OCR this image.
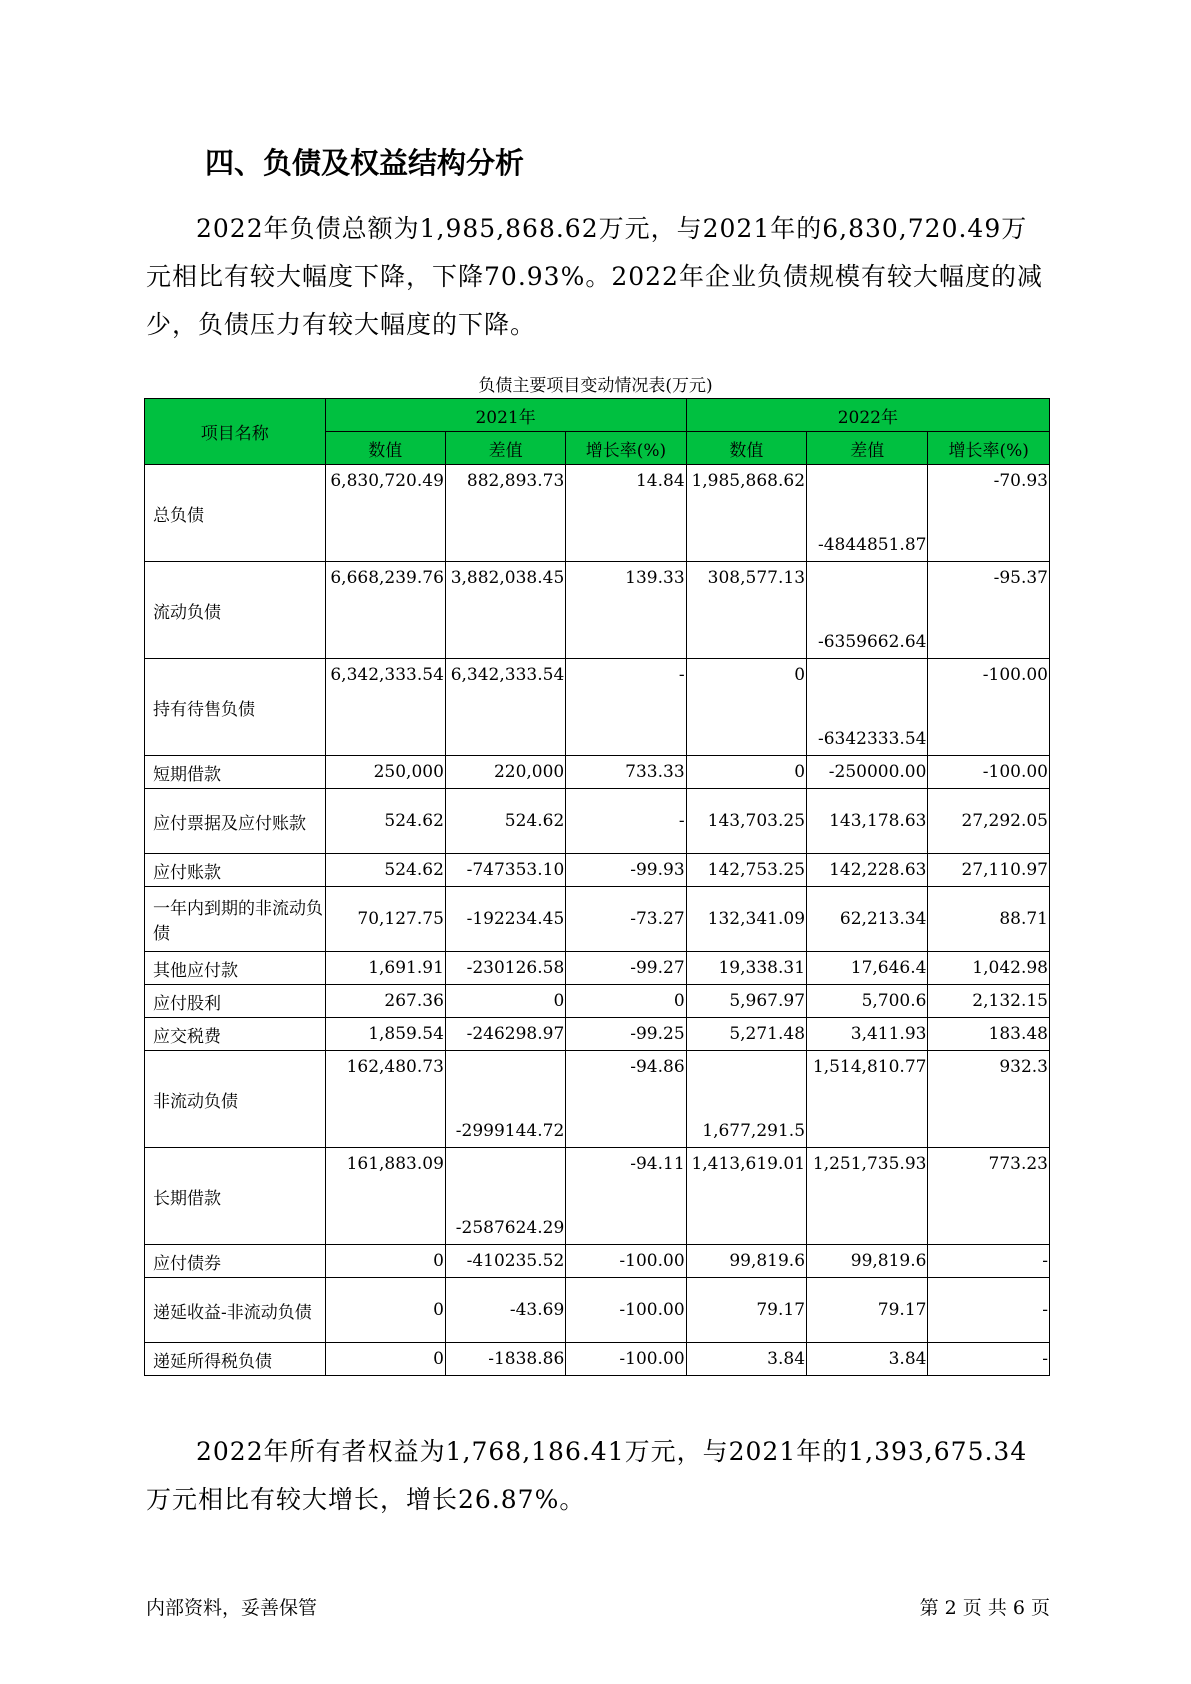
四、负债及权益结构分析

2022年负债总额为1,985,868.62万元，与2021年的6,830,720.49万元相比有较大幅度下降，下降70.93%。2022年企业负债规模有较大幅度的减少，负债压力有较大幅度的下降。

负债主要项目变动情况表(万元)

项目名称	2021年			2022年		
	数值	差值	增长率(%)	数值	差值	增长率(%)
总负债	6,830,720.49	882,893.73	14.84	1,985,868.62	-4844851.87	-70.93
流动负债	6,668,239.76	3,882,038.45	139.33	308,577.13	-6359662.64	-95.37
持有待售负债	6,342,333.54	6,342,333.54	-	0	-6342333.54	-100.00
短期借款	250,000	220,000	733.33	0	-250000.00	-100.00
应付票据及应付账款	524.62	524.62	-	143,703.25	143,178.63	27,292.05
应付账款	524.62	-747353.10	-99.93	142,753.25	142,228.63	27,110.97
一年内到期的非流动负债	70,127.75	-192234.45	-73.27	132,341.09	62,213.34	88.71
其他应付款	1,691.91	-230126.58	-99.27	19,338.31	17,646.4	1,042.98
应付股利	267.36	0	0	5,967.97	5,700.6	2,132.15
应交税费	1,859.54	-246298.97	-99.25	5,271.48	3,411.93	183.48
非流动负债	162,480.73	-2999144.72	-94.86	1,677,291.5	1,514,810.77	932.3
长期借款	161,883.09	-2587624.29	-94.11	1,413,619.01	1,251,735.93	773.23
应付债券	0	-410235.52	-100.00	99,819.6	99,819.6	-
递延收益-非流动负债	0	-43.69	-100.00	79.17	79.17	-
递延所得税负债	0	-1838.86	-100.00	3.84	3.84	-

2022年所有者权益为1,768,186.41万元，与2021年的1,393,675.34万元相比有较大增长，增长26.87%。

内部资料，妥善保管	第 2 页 共 6 页
